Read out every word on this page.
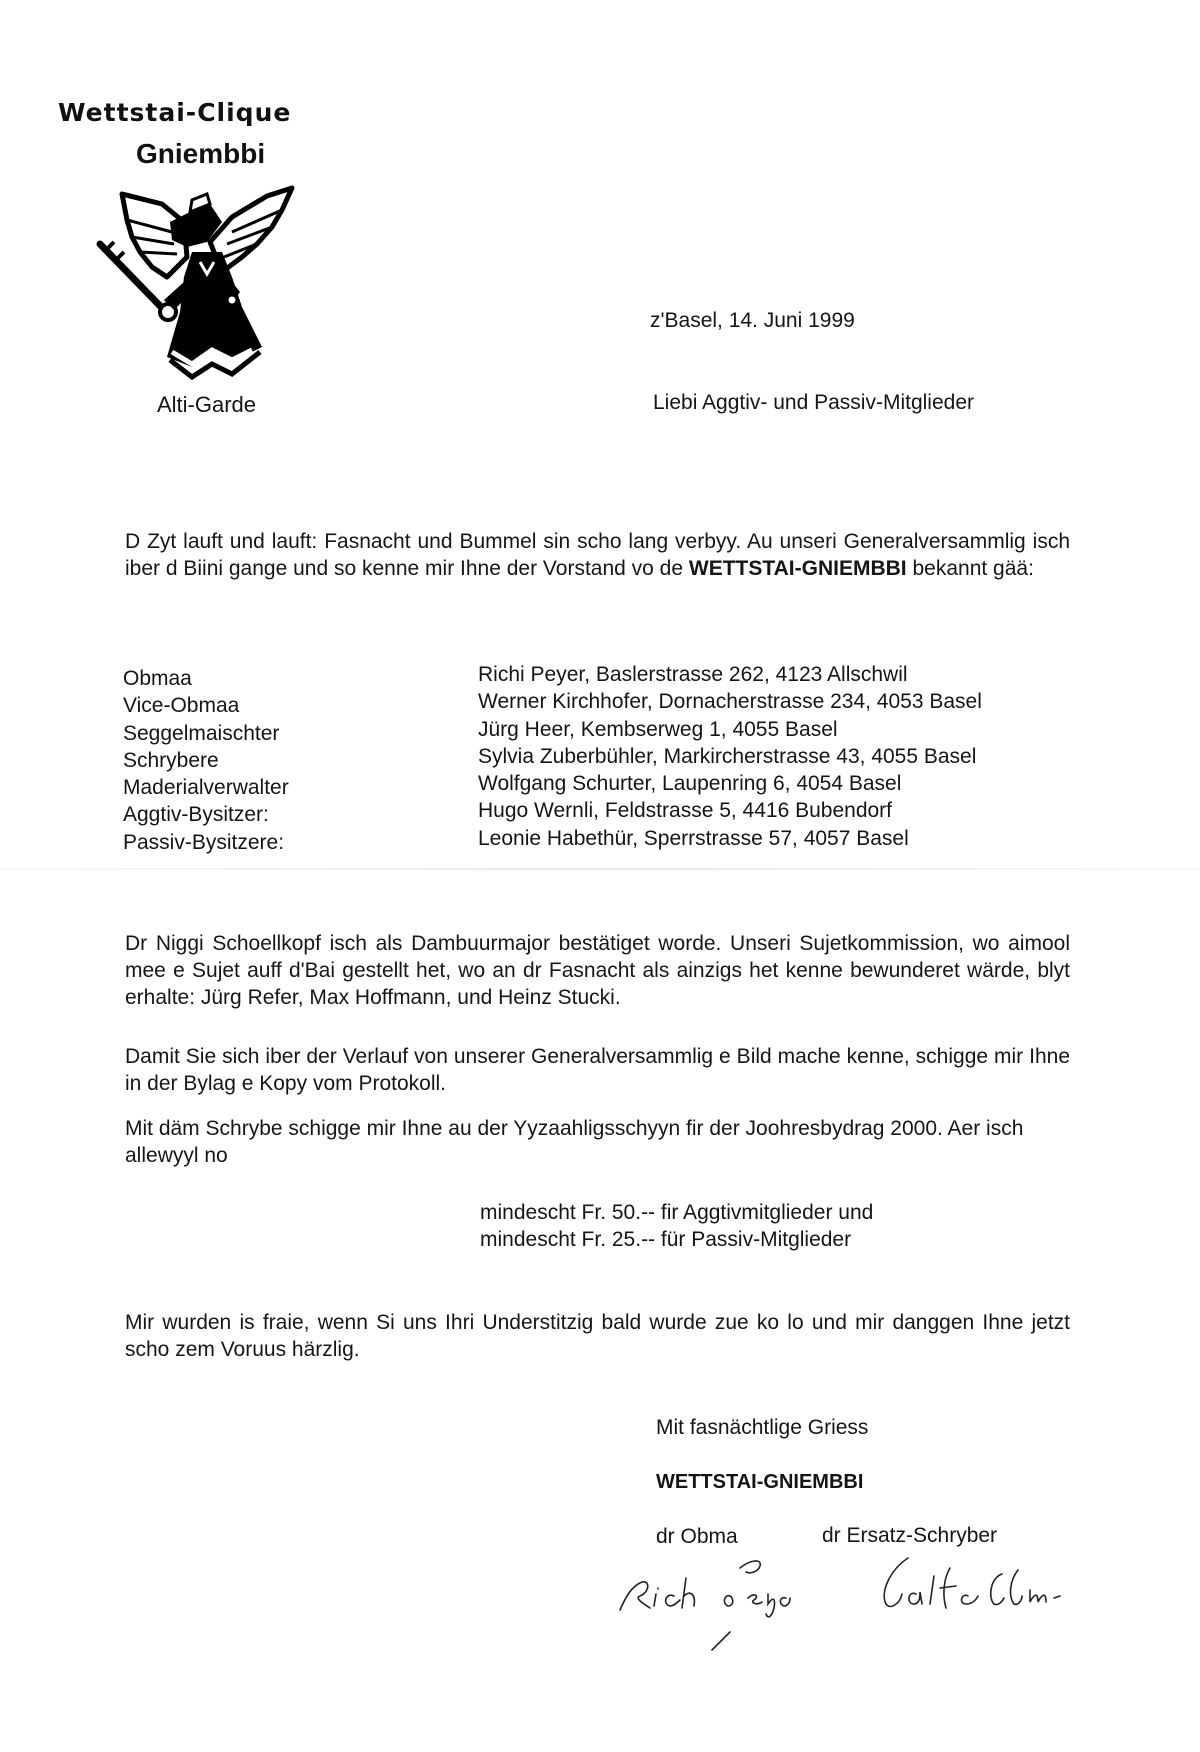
Wettstai-Clique
Gniembbi
Alti-Garde
z'Basel, 14. Juni 1999
Liebi Aggtiv- und Passiv-Mitglieder
D Zyt lauft und lauft: Fasnacht und Bummel sin scho lang verbyy. Au unseri Generalversammlig isch iber d Biini gange und so kenne mir Ihne der Vorstand vo de WETTSTAI-GNIEMBBI bekannt gää:
Obmaa
Vice-Obmaa
Seggelmaischter
Schrybere
Maderialverwalter
Aggtiv-Bysitzer:
Passiv-Bysitzere:
Richi Peyer, Baslerstrasse 262, 4123 Allschwil
Werner Kirchhofer, Dornacherstrasse 234, 4053 Basel
Jürg Heer, Kembserweg 1, 4055 Basel
Sylvia Zuberbühler, Markircherstrasse 43, 4055 Basel
Wolfgang Schurter, Laupenring 6, 4054 Basel
Hugo Wernli, Feldstrasse 5, 4416 Bubendorf
Leonie Habethür, Sperrstrasse 57, 4057 Basel
Dr Niggi Schoellkopf isch als Dambuurmajor bestätiget worde. Unseri Sujetkommission, wo aimool mee e Sujet auff d'Bai gestellt het, wo an dr Fasnacht als ainzigs het kenne bewunderet wärde, blyt erhalte: Jürg Refer, Max Hoffmann, und Heinz Stucki.
Damit Sie sich iber der Verlauf von unserer Generalversammlig e Bild mache kenne, schigge mir Ihne in der Bylag e Kopy vom Protokoll.
Mit däm Schrybe schigge mir Ihne au der Yyzaahligsschyyn fir der Joohresbydrag 2000. Aer isch allewyyl no
mindescht Fr. 50.-- fir Aggtivmitglieder und
mindescht Fr. 25.-- für Passiv-Mitglieder
Mir wurden is fraie, wenn Si uns Ihri Understitzig bald wurde zue ko lo und mir danggen Ihne jetzt scho zem Voruus härzlig.
Mit fasnächtlige Griess
WETTSTAI-GNIEMBBI
dr Obma	dr Ersatz-Schryber
